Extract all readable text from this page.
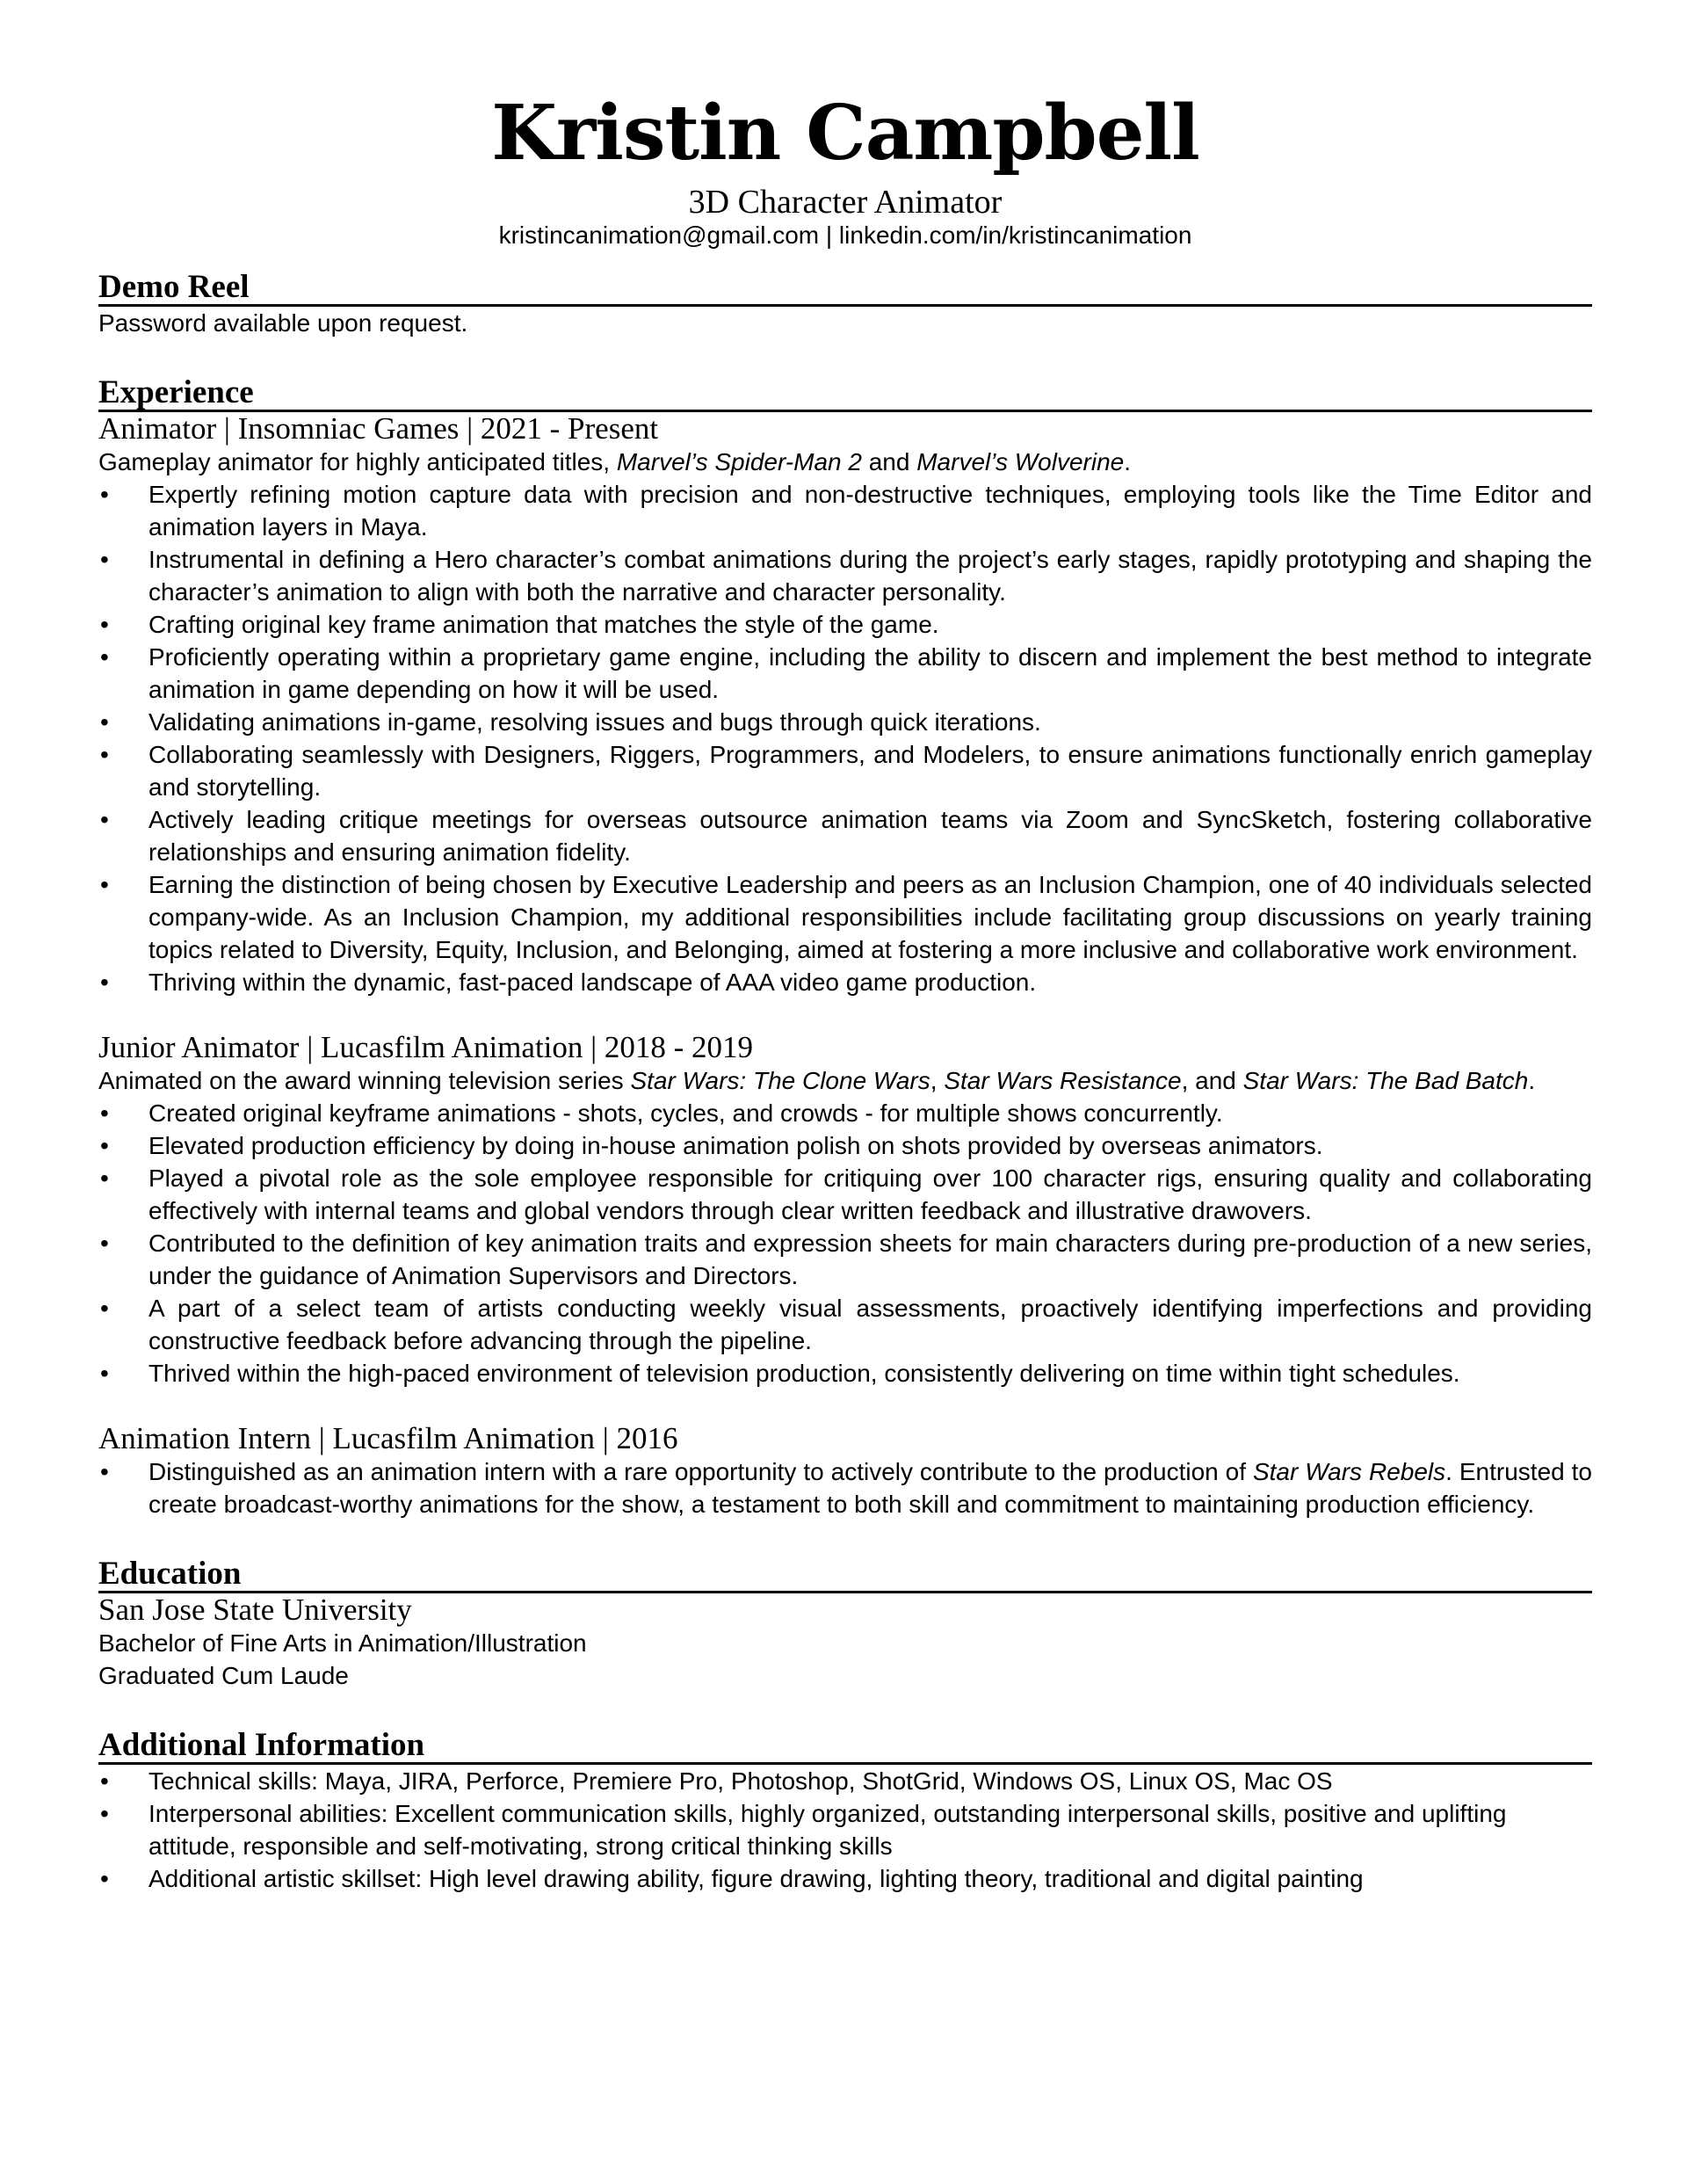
Kristin Campbell

3D Character Animator

kristincanimation@gmail.com | linkedin.com/in/kristincanimation

Demo Reel

Password available upon request.

Experience

Animator | Insomniac Games | 2021 - Present

Gameplay animator for highly anticipated titles, Marvel’s Spider-Man 2 and Marvel’s Wolverine.

• Expertly refining motion capture data with precision and non-destructive techniques, employing tools like the Time Editor and animation layers in Maya.
• Instrumental in defining a Hero character’s combat animations during the project’s early stages, rapidly prototyping and shaping the character’s animation to align with both the narrative and character personality.
• Crafting original key frame animation that matches the style of the game.
• Proficiently operating within a proprietary game engine, including the ability to discern and implement the best method to integrate animation in game depending on how it will be used.
• Validating animations in-game, resolving issues and bugs through quick iterations.
• Collaborating seamlessly with Designers, Riggers, Programmers, and Modelers, to ensure animations functionally enrich gameplay and storytelling.
• Actively leading critique meetings for overseas outsource animation teams via Zoom and SyncSketch, fostering collaborative relationships and ensuring animation fidelity.
• Earning the distinction of being chosen by Executive Leadership and peers as an Inclusion Champion, one of 40 individuals selected company-wide. As an Inclusion Champion, my additional responsibilities include facilitating group discussions on yearly training topics related to Diversity, Equity, Inclusion, and Belonging, aimed at fostering a more inclusive and collaborative work environment.
• Thriving within the dynamic, fast-paced landscape of AAA video game production.

Junior Animator | Lucasfilm Animation | 2018 - 2019

Animated on the award winning television series Star Wars: The Clone Wars, Star Wars Resistance, and Star Wars: The Bad Batch.

• Created original keyframe animations - shots, cycles, and crowds - for multiple shows concurrently.
• Elevated production efficiency by doing in-house animation polish on shots provided by overseas animators.
• Played a pivotal role as the sole employee responsible for critiquing over 100 character rigs, ensuring quality and collaborating effectively with internal teams and global vendors through clear written feedback and illustrative drawovers.
• Contributed to the definition of key animation traits and expression sheets for main characters during pre-production of a new series, under the guidance of Animation Supervisors and Directors.
• A part of a select team of artists conducting weekly visual assessments, proactively identifying imperfections and providing constructive feedback before advancing through the pipeline.
• Thrived within the high-paced environment of television production, consistently delivering on time within tight schedules.

Animation Intern | Lucasfilm Animation | 2016

• Distinguished as an animation intern with a rare opportunity to actively contribute to the production of Star Wars Rebels. Entrusted to create broadcast-worthy animations for the show, a testament to both skill and commitment to maintaining production efficiency.
Education

San Jose State University

Bachelor of Fine Arts in Animation/Illustration

Graduated Cum Laude

Additional Information
• Technical skills: Maya, JIRA, Perforce, Premiere Pro, Photoshop, ShotGrid, Windows OS, Linux OS, Mac OS
• Interpersonal abilities: Excellent communication skills, highly organized, outstanding interpersonal skills, positive and uplifting attitude, responsible and self-motivating, strong critical thinking skills
• Additional artistic skillset: High level drawing ability, figure drawing, lighting theory, traditional and digital painting
